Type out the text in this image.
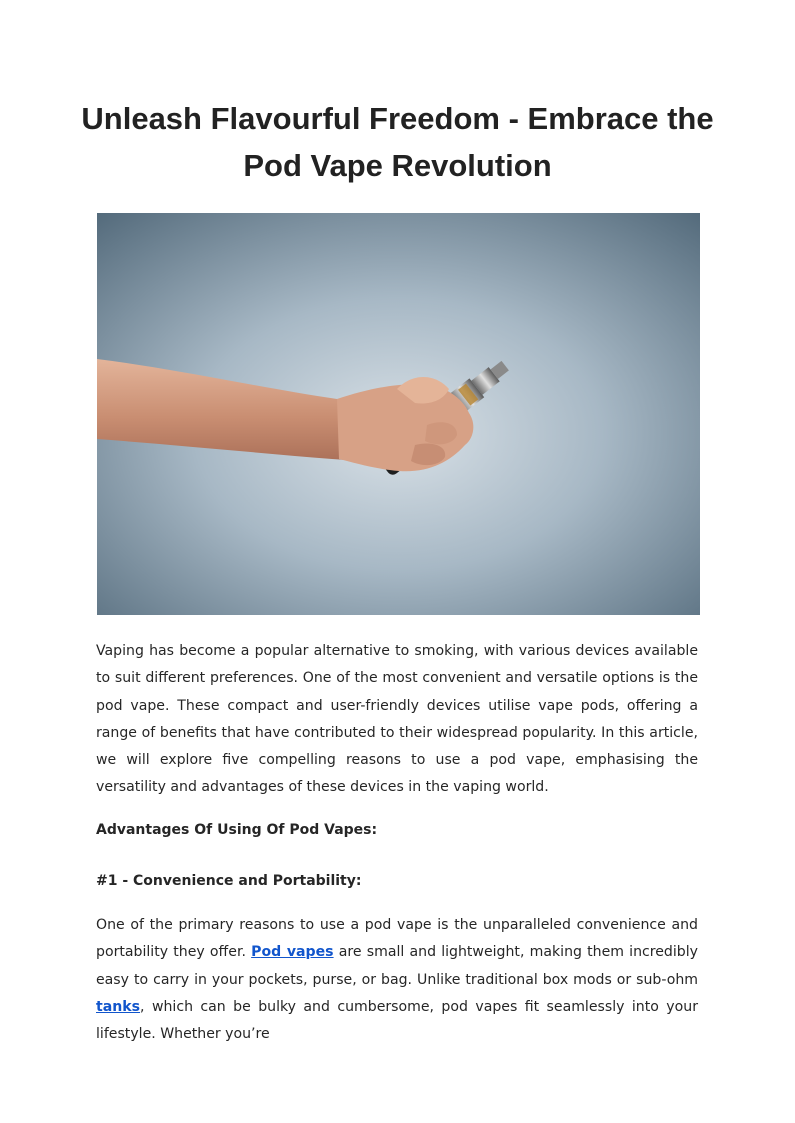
Unleash Flavourful Freedom - Embrace the
Pod Vape Revolution

Vaping has become a popular alternative to smoking, with various devices available to suit different preferences. One of the most convenient and versatile options is the pod vape. These compact and user-friendly devices utilise vape pods, offering a range of benefits that have contributed to their widespread popularity. In this article, we will explore five compelling reasons to use a pod vape, emphasising the versatility and advantages of these devices in the vaping world.

Advantages Of Using Of Pod Vapes:

#1 - Convenience and Portability:

One of the primary reasons to use a pod vape is the unparalleled convenience and portability they offer. Pod vapes are small and lightweight, making them incredibly easy to carry in your pockets, purse, or bag. Unlike traditional box mods or sub-ohm tanks, which can be bulky and cumbersome, pod vapes fit seamlessly into your lifestyle. Whether you’re
